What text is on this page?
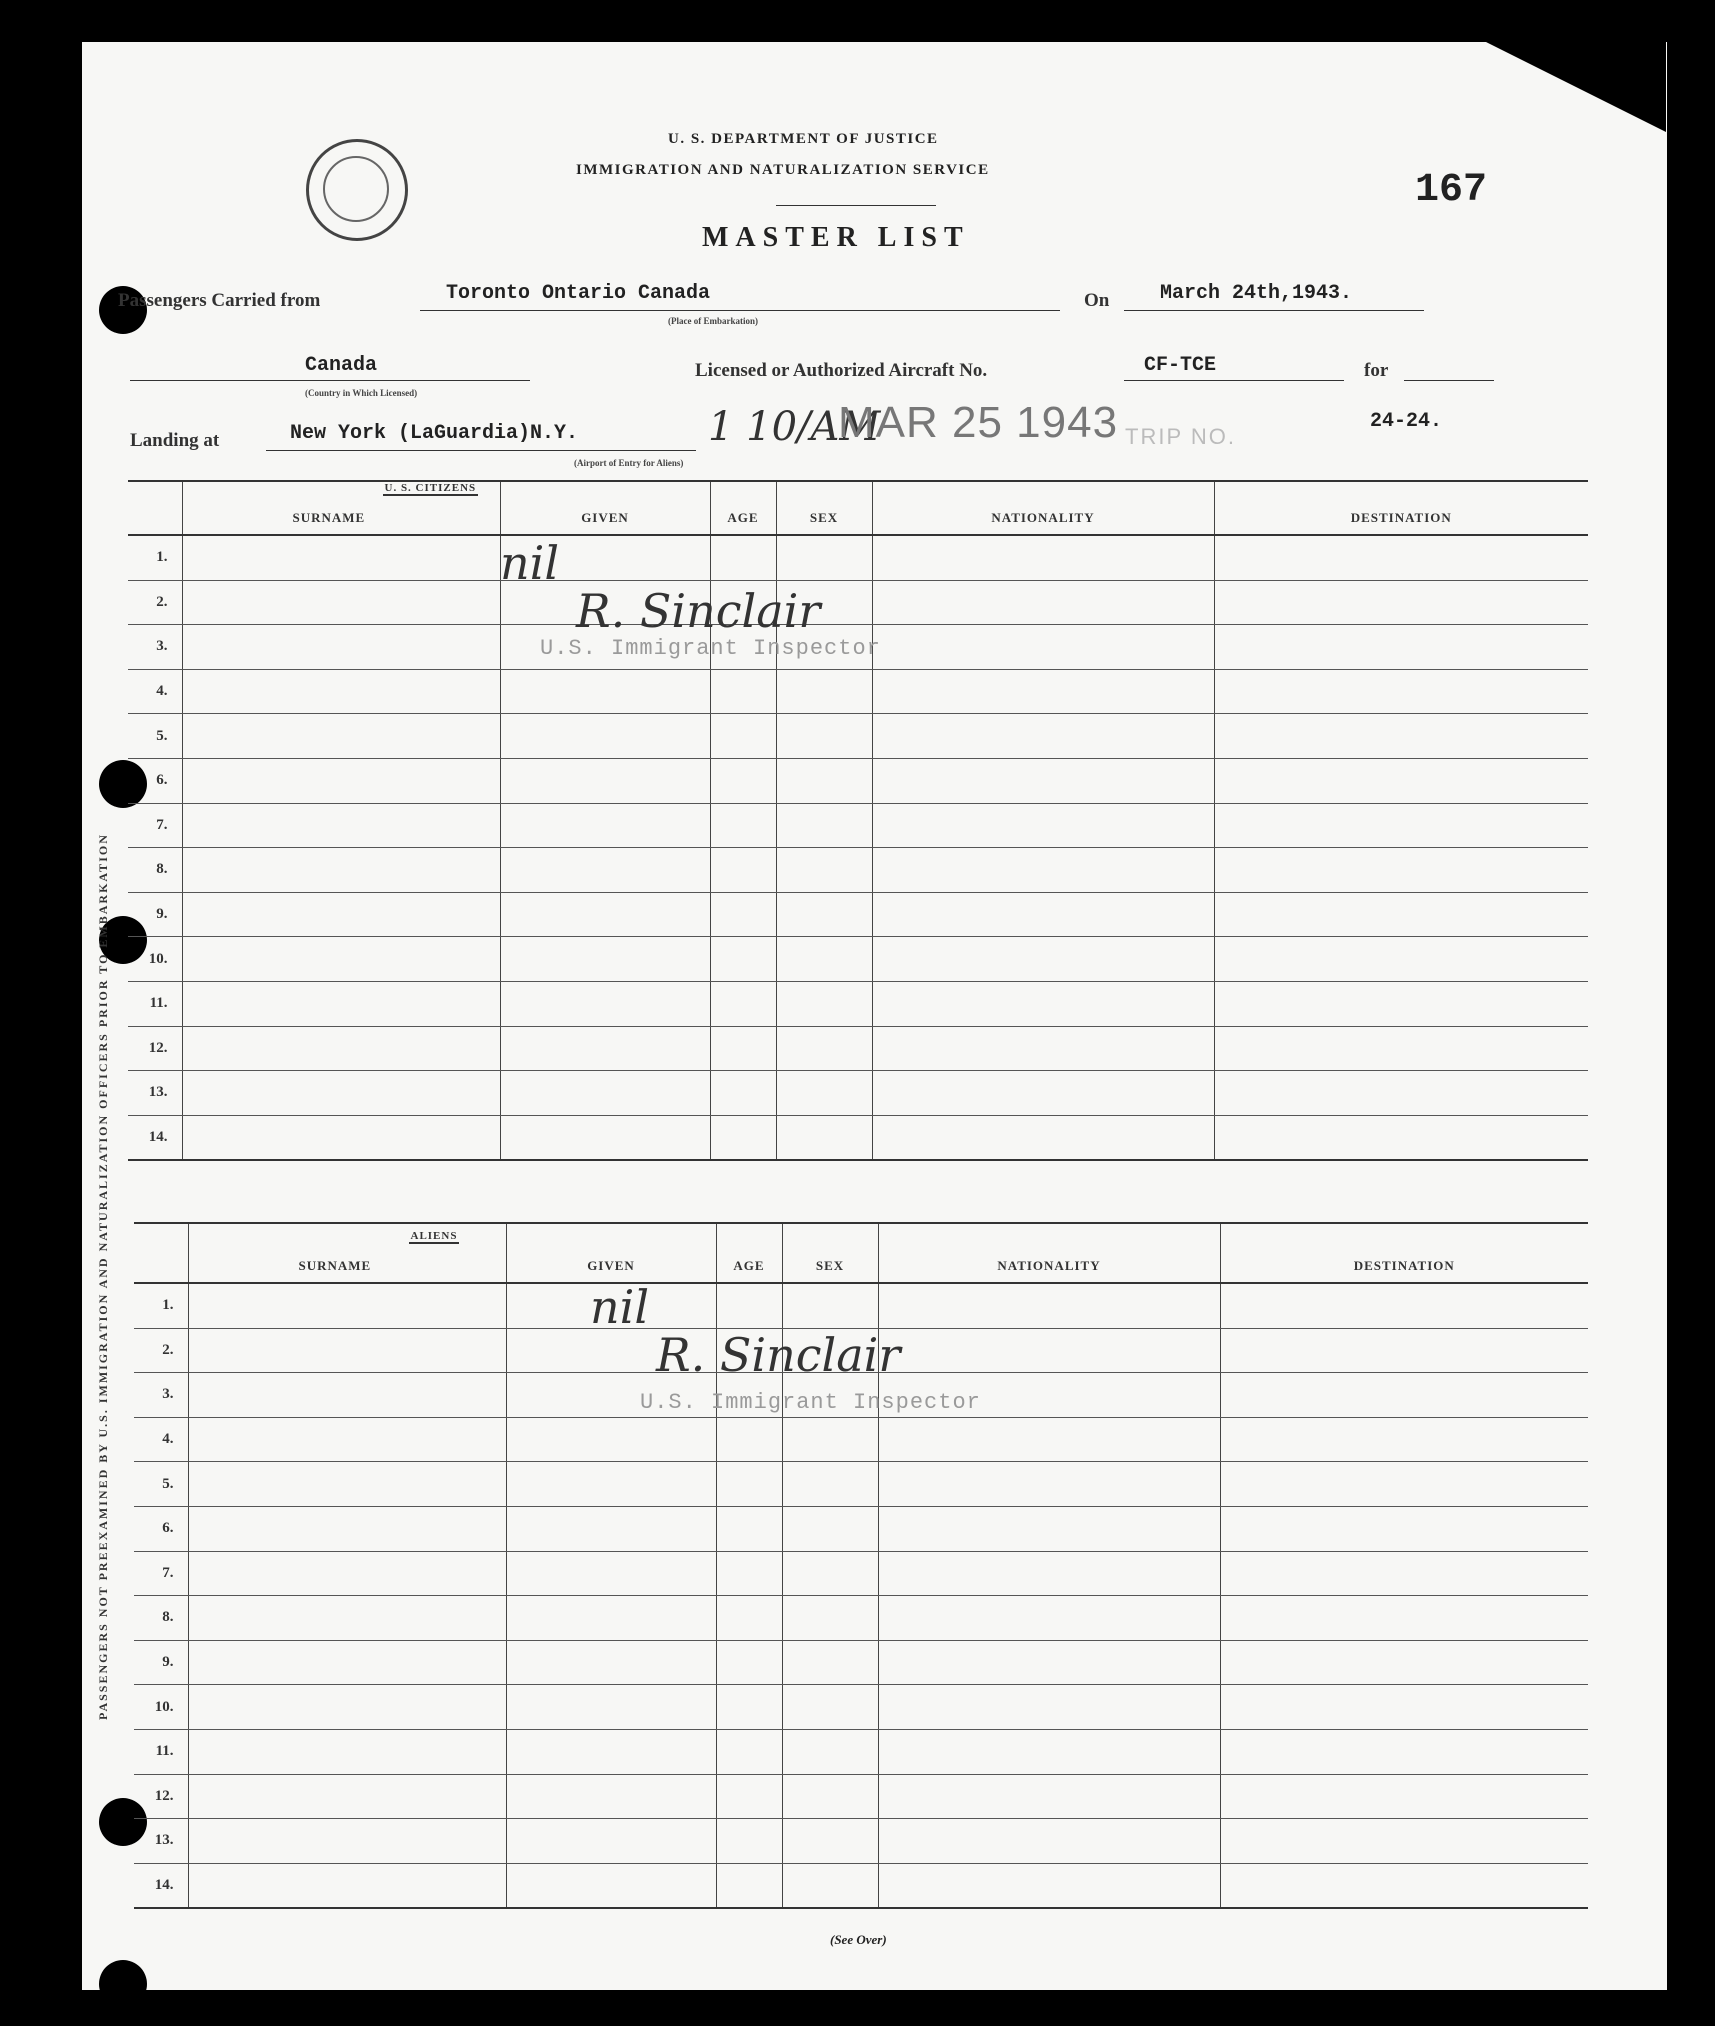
U. S. DEPARTMENT OF JUSTICE
IMMIGRATION AND NATURALIZATION SERVICE
MASTER LIST
167
Passengers Carried from	Toronto Ontario Canada
(Place of Embarkation)
On	March 24th,1943.
Canada
(Country in Which Licensed)
Licensed or Authorized Aircraft No.	CF-TCE	for
Landing at	New York (LaGuardia)N.Y.
(Airport of Entry for Aliens)
1 10/AM
MAR 25 1943 TRIP NO.
24-24.

	U. S. CITIZENS
SURNAME	GIVEN	AGE	SEX	NATIONALITY	DESTINATION
1.						
2.						
3.						
4.						
5.						
6.						
7.						
8.						
9.						
10.						
11.						
12.						
13.						
14.						
nil
R. Sinclair
U.S. Immigrant Inspector

	ALIENS
SURNAME	GIVEN	AGE	SEX	NATIONALITY	DESTINATION
1.						
2.						
3.						
4.						
5.						
6.						
7.						
8.						
9.						
10.						
11.						
12.						
13.						
14.						
nil
R. Sinclair
U.S. Immigrant Inspector
PASSENGERS NOT PREEXAMINED BY U.S. IMMIGRATION AND NATURALIZATION OFFICERS PRIOR TO EMBARKATION
(See Over)
